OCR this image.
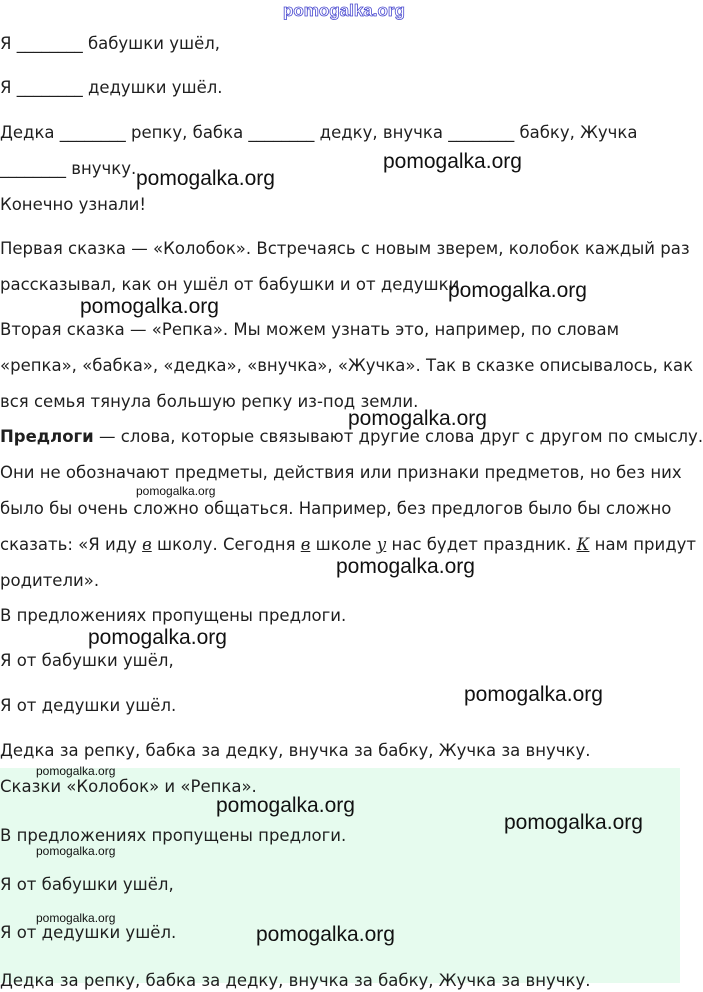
pomogalka.org
Я ________ бабушки ушёл,
Я ________ дедушки ушёл.
Дедка ________ репку, бабка ________ дедку, внучка ________ бабку, Жучка
________ внучку.
Конечно узнали!
Первая сказка — «Колобок». Встречаясь с новым зверем, колобок каждый раз
рассказывал, как он ушёл от бабушки и от дедушки.
Вторая сказка — «Репка». Мы можем узнать это, например, по словам
«репка», «бабка», «дедка», «внучка», «Жучка». Так в сказке описывалось, как
вся семья тянула большую репку из-под земли.
Предлоги — слова, которые связывают другие слова друг с другом по смыслу.
Они не обозначают предметы, действия или признаки предметов, но без них
было бы очень сложно общаться. Например, без предлогов было бы сложно
сказать: «Я иду в школу. Сегодня в школе у нас будет праздник. К нам придут
родители».
В предложениях пропущены предлоги.
Я от бабушки ушёл,
Я от дедушки ушёл.
Дедка за репку, бабка за дедку, внучка за бабку, Жучка за внучку.
Сказки «Колобок» и «Репка».
В предложениях пропущены предлоги.
Я от бабушки ушёл,
Я от дедушки ушёл.
Дедка за репку, бабка за дедку, внучка за бабку, Жучка за внучку.
pomogalka.org
pomogalka.org
pomogalka.org
pomogalka.org
pomogalka.org
pomogalka.org
pomogalka.org
pomogalka.org
pomogalka.org
pomogalka.org
pomogalka.org
pomogalka.org
pomogalka.org
pomogalka.org
pomogalka.org
